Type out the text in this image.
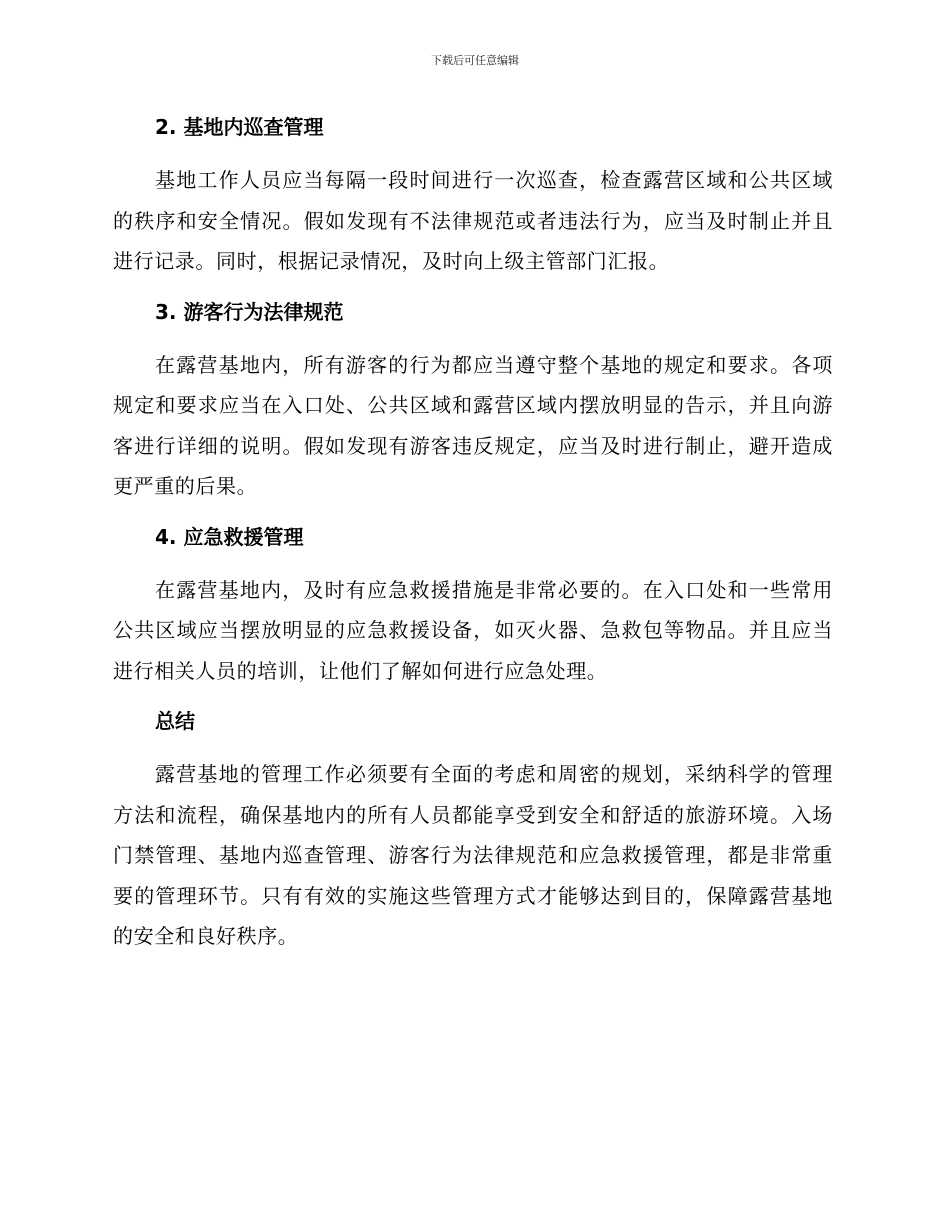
下载后可任意编辑
2. 基地内巡查管理

基地工作人员应当每隔一段时间进行一次巡查，检查露营区域和公共区域的秩序和安全情况。假如发现有不法律规范或者违法行为，应当及时制止并且进行记录。同时，根据记录情况，及时向上级主管部门汇报。

3. 游客行为法律规范

在露营基地内，所有游客的行为都应当遵守整个基地的规定和要求。各项规定和要求应当在入口处、公共区域和露营区域内摆放明显的告示，并且向游客进行详细的说明。假如发现有游客违反规定，应当及时进行制止，避开造成更严重的后果。

4. 应急救援管理

在露营基地内，及时有应急救援措施是非常必要的。在入口处和一些常用公共区域应当摆放明显的应急救援设备，如灭火器、急救包等物品。并且应当进行相关人员的培训，让他们了解如何进行应急处理。

总结

露营基地的管理工作必须要有全面的考虑和周密的规划，采纳科学的管理方法和流程，确保基地内的所有人员都能享受到安全和舒适的旅游环境。入场门禁管理、基地内巡查管理、游客行为法律规范和应急救援管理，都是非常重要的管理环节。只有有效的实施这些管理方式才能够达到目的，保障露营基地的安全和良好秩序。
